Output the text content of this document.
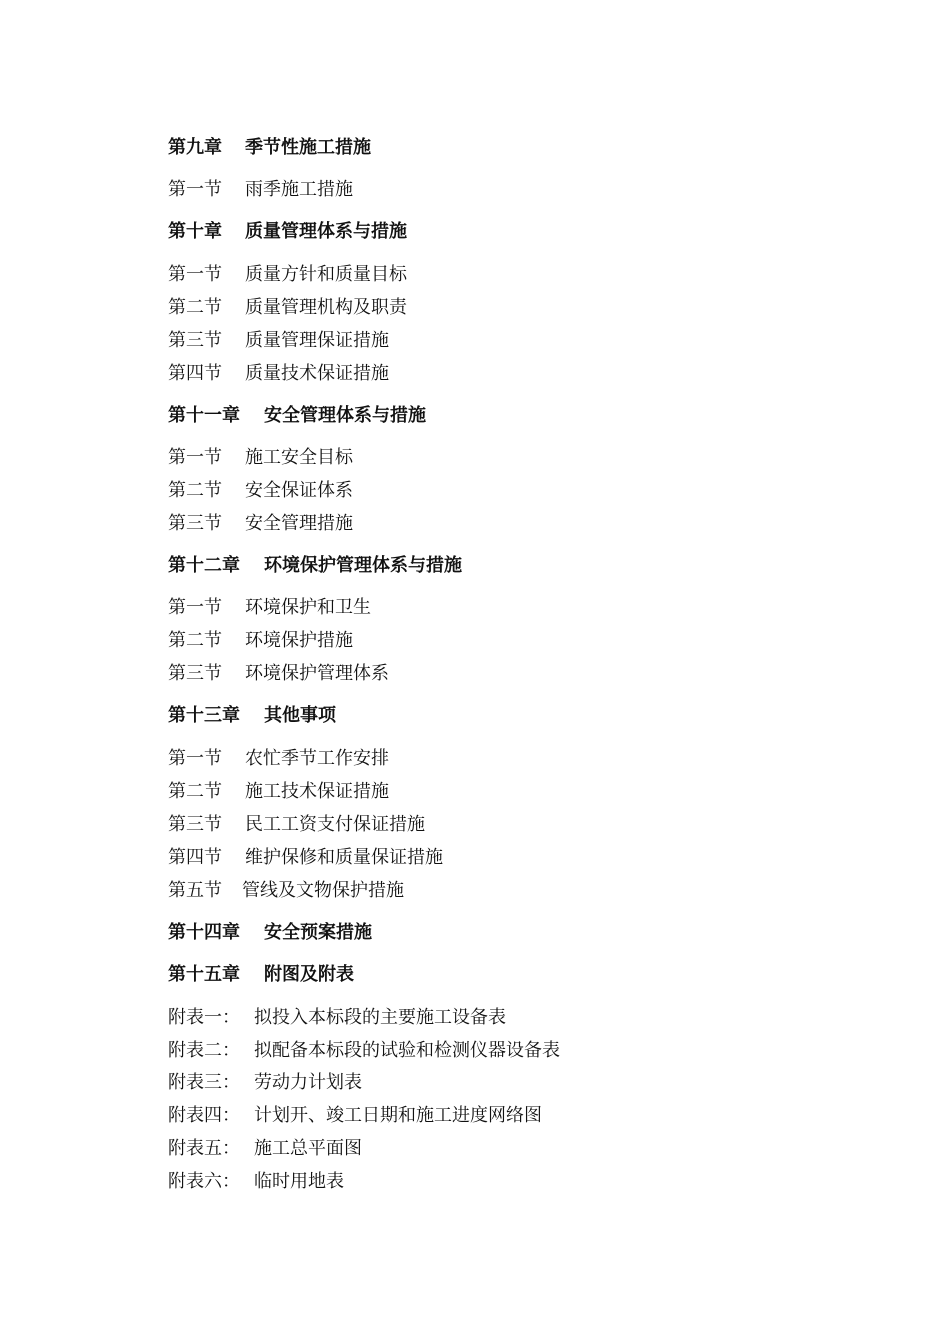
第九章 季节性施工措施
第一节 雨季施工措施
第十章 质量管理体系与措施
第一节 质量方针和质量目标
第二节 质量管理机构及职责
第三节 质量管理保证措施
第四节 质量技术保证措施
第十一章 安全管理体系与措施
第一节 施工安全目标
第二节 安全保证体系
第三节 安全管理措施
第十二章 环境保护管理体系与措施
第一节 环境保护和卫生
第二节 环境保护措施
第三节 环境保护管理体系
第十三章 其他事项
第一节 农忙季节工作安排
第二节 施工技术保证措施
第三节 民工工资支付保证措施
第四节 维护保修和质量保证措施
第五节 管线及文物保护措施
第十四章 安全预案措施
第十五章 附图及附表
附表一： 拟投入本标段的主要施工设备表
附表二： 拟配备本标段的试验和检测仪器设备表
附表三： 劳动力计划表
附表四： 计划开、竣工日期和施工进度网络图
附表五： 施工总平面图
附表六： 临时用地表
